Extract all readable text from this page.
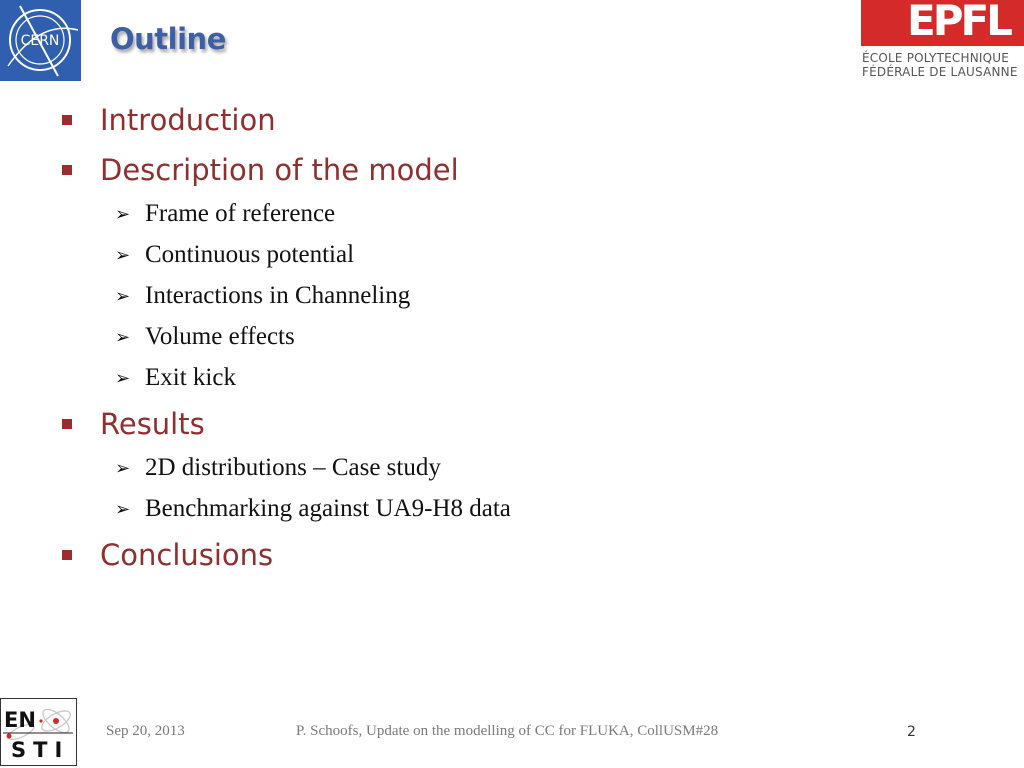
CERN Outline	EPFL
ÉCOLE POLYTECHNIQUE
FÉDÉRALE DE LAUSANNE
Introduction
Description of the model
➢ Frame of reference
➢ Continuous potential
➢ Interactions in Channeling
➢ Volume effects
➢ Exit kick
Results
➢ 2D distributions – Case study
➢ Benchmarking against UA9-H8 data
Conclusions
EN
STI
Sep 20, 2013	P. Schoofs, Update on the modelling of CC for FLUKA, CollUSM#28	2
